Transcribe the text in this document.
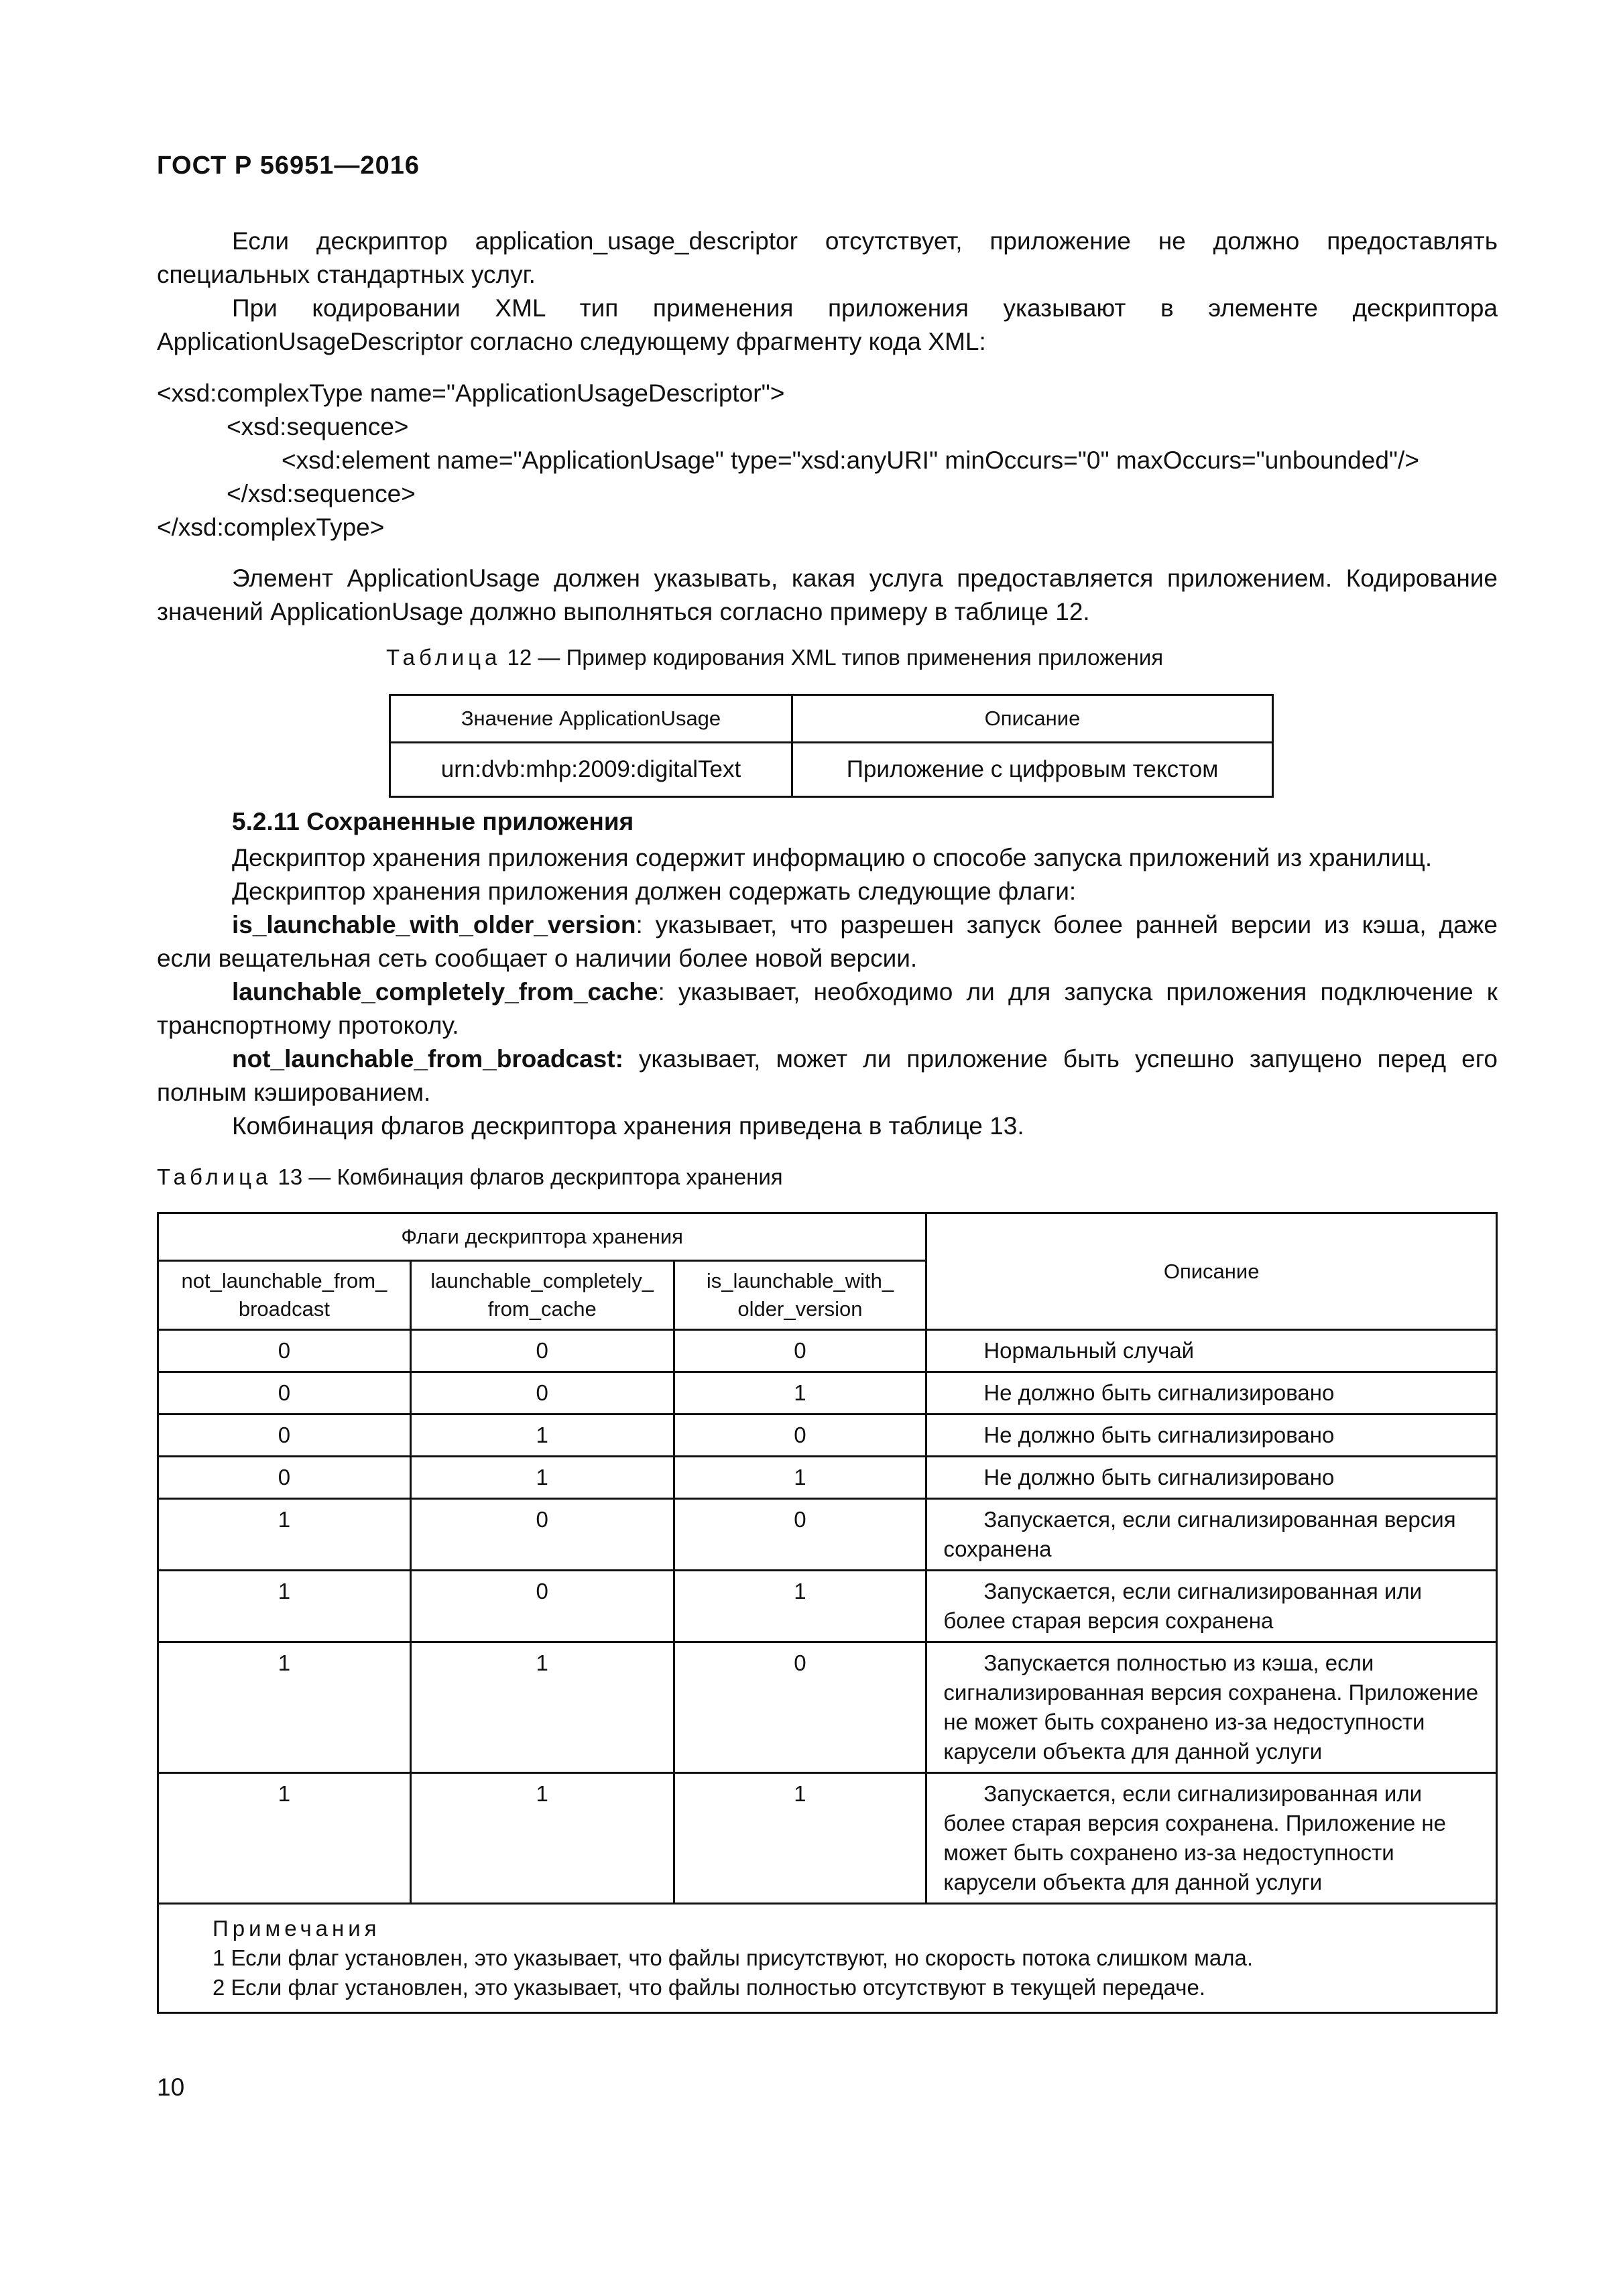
ГОСТ Р 56951—2016

Если дескриптор application_usage_descriptor отсутствует, приложение не должно предоставлять специальных стандартных услуг.

При кодировании XML тип применения приложения указывают в элементе дескриптора ApplicationUsageDescriptor согласно следующему фрагменту кода XML:

<xsd:complexType name="ApplicationUsageDescriptor">
<xsd:sequence>
<xsd:element name="ApplicationUsage" type="xsd:anyURI" minOccurs="0" maxOccurs="unbounded"/>
</xsd:sequence>
</xsd:complexType>

Элемент ApplicationUsage должен указывать, какая услуга предоставляется приложением. Кодирование значений ApplicationUsage должно выполняться согласно примеру в таблице 12.

Таблица 12 — Пример кодирования XML типов применения приложения
Значение ApplicationUsage	Описание
urn:dvb:mhp:2009:digitalText	Приложение с цифровым текстом
5.2.11 Сохраненные приложения

Дескриптор хранения приложения содержит информацию о способе запуска приложений из хранилищ.

Дескриптор хранения приложения должен содержать следующие флаги:

is_launchable_with_older_version: указывает, что разрешен запуск более ранней версии из кэша, даже если вещательная сеть сообщает о наличии более новой версии.

launchable_completely_from_cache: указывает, необходимо ли для запуска приложения подключение к транспортному протоколу.

not_launchable_from_broadcast: указывает, может ли приложение быть успешно запущено перед его полным кэшированием.

Комбинация флагов дескриптора хранения приведена в таблице 13.

Таблица 13 — Комбинация флагов дескриптора хранения
Флаги дескриптора хранения			Описание
not_launchable_from_ broadcast	launchable_completely_ from_cache	is_launchable_with_ older_version	
0	0	0	Нормальный случай
0	0	1	Не должно быть сигнализировано
0	1	0	Не должно быть сигнализировано
0	1	1	Не должно быть сигнализировано
1	0	0	Запускается, если сигнализированная версия сохранена
1	0	1	Запускается, если сигнализированная или более старая версия сохранена
1	1	0	Запускается полностью из кэша, если сигнализированная версия сохранена. Приложение не может быть сохранено из-за недоступности карусели объекта для данной услуги
1	1	1	Запускается, если сигнализированная или более старая версия сохранена. Приложение не может быть сохранено из-за недоступности карусели объекта для данной услуги

Примечания
1 Если флаг установлен, это указывает, что файлы присутствуют, но скорость потока слишком мала.
2 Если флаг установлен, это указывает, что файлы полностью отсутствуют в текущей передаче.			
10
